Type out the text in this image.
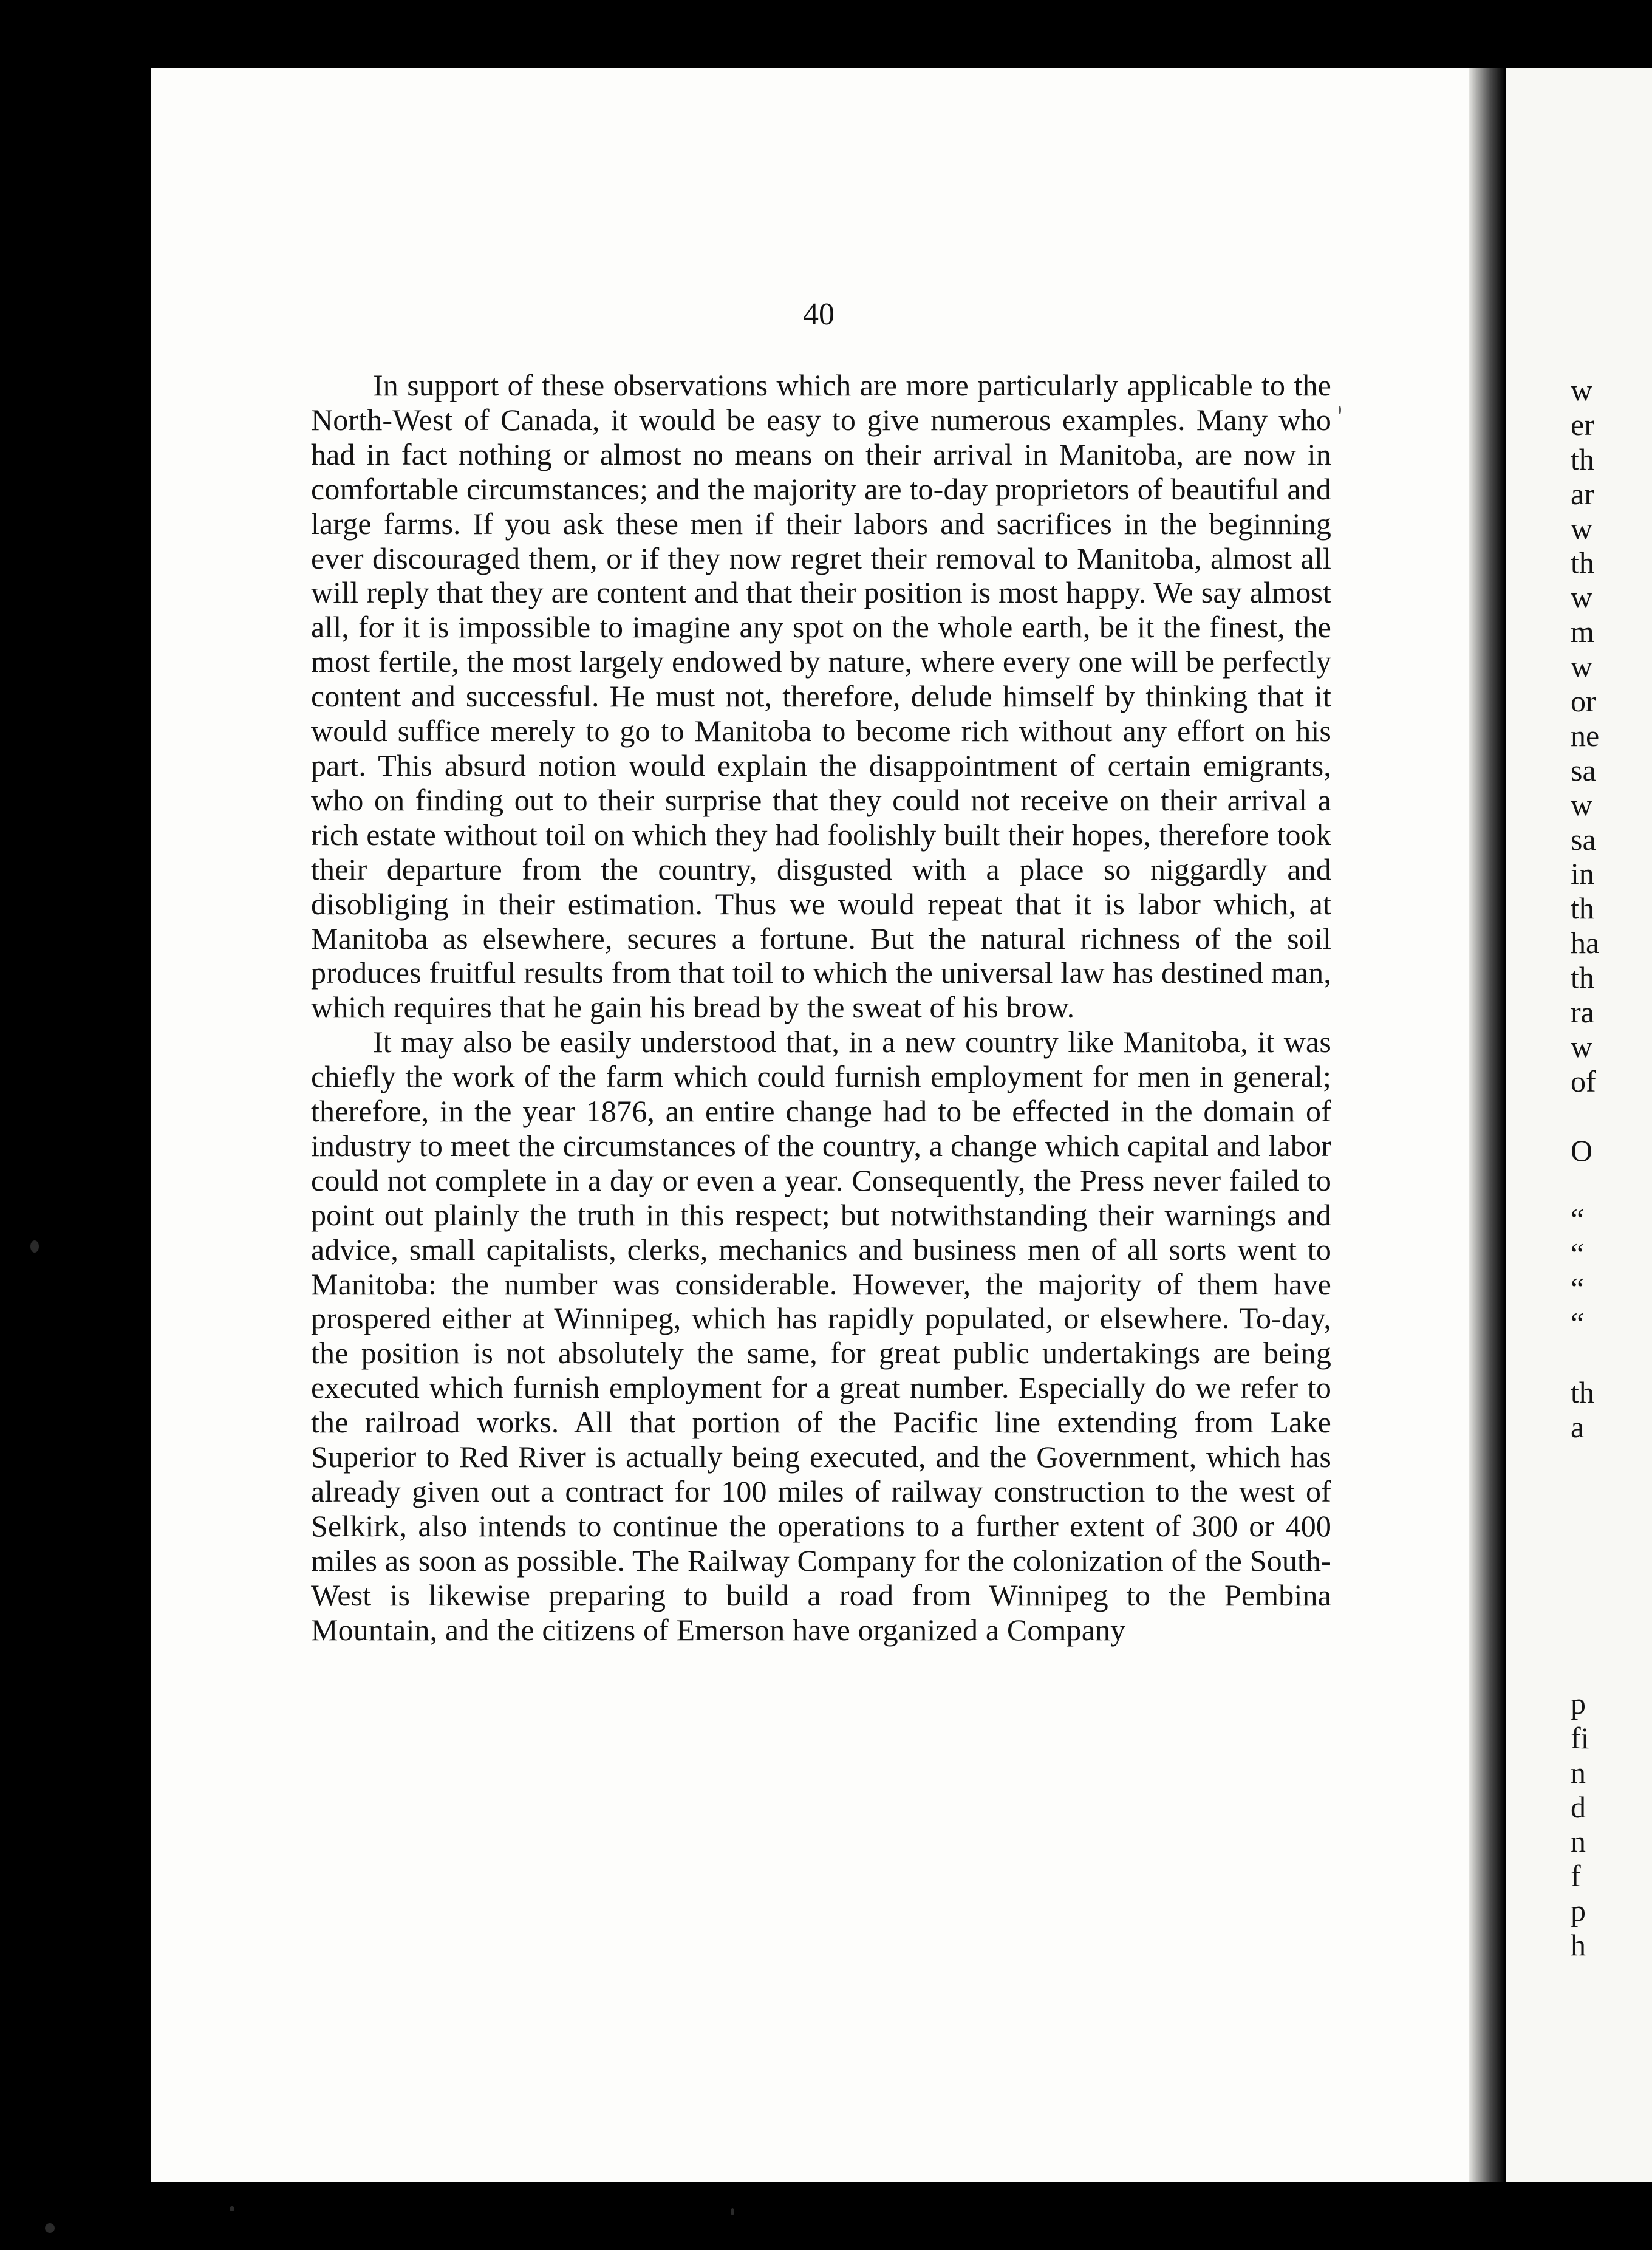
40

In support of these observations which are more particularly applicable to the North-West of Canada, it would be easy to give numerous examples. Many who had in fact nothing or almost no means on their arrival in Manitoba, are now in comfortable circumstances; and the majority are to-day proprietors of beautiful and large farms. If you ask these men if their labors and sacrifices in the beginning ever discouraged them, or if they now regret their removal to Manitoba, almost all will reply that they are content and that their position is most happy. We say almost all, for it is impossible to imagine any spot on the whole earth, be it the finest, the most fertile, the most largely endowed by nature, where every one will be perfectly content and successful. He must not, therefore, delude himself by thinking that it would suffice merely to go to Manitoba to become rich without any effort on his part. This absurd notion would explain the disappointment of certain emigrants, who on finding out to their surprise that they could not receive on their arrival a rich estate without toil on which they had foolishly built their hopes, therefore took their departure from the country, disgusted with a place so niggardly and disobliging in their estimation. Thus we would repeat that it is labor which, at Manitoba as elsewhere, secures a fortune. But the natural richness of the soil produces fruitful results from that toil to which the universal law has destined man, which requires that he gain his bread by the sweat of his brow.

It may also be easily understood that, in a new country like Manitoba, it was chiefly the work of the farm which could furnish employment for men in general; therefore, in the year 1876, an entire change had to be effected in the domain of industry to meet the circumstances of the country, a change which capital and labor could not complete in a day or even a year. Consequently, the Press never failed to point out plainly the truth in this respect; but notwithstanding their warnings and advice, small capitalists, clerks, mechanics and business men of all sorts went to Manitoba: the number was considerable. However, the majority of them have prospered either at Winnipeg, which has rapidly populated, or elsewhere. To-day, the position is not absolutely the same, for great public undertakings are being executed which furnish employment for a great number. Especially do we refer to the railroad works. All that portion of the Pacific line extending from Lake Superior to Red River is actually being executed, and the Government, which has already given out a contract for 100 miles of railway construction to the west of Selkirk, also intends to continue the operations to a further extent of 300 or 400 miles as soon as possible. The Railway Company for the colonization of the South-West is likewise preparing to build a road from Winnipeg to the Pembina Mountain, and the citizens of Emerson have organized a Company

w
er
th
ar
w
th
w
m
w
or
ne
sa
w
sa
in
th
ha
th
ra
w
of
O
“
“
“
“
th
a
p
fi
n
d
n
f
p
h
